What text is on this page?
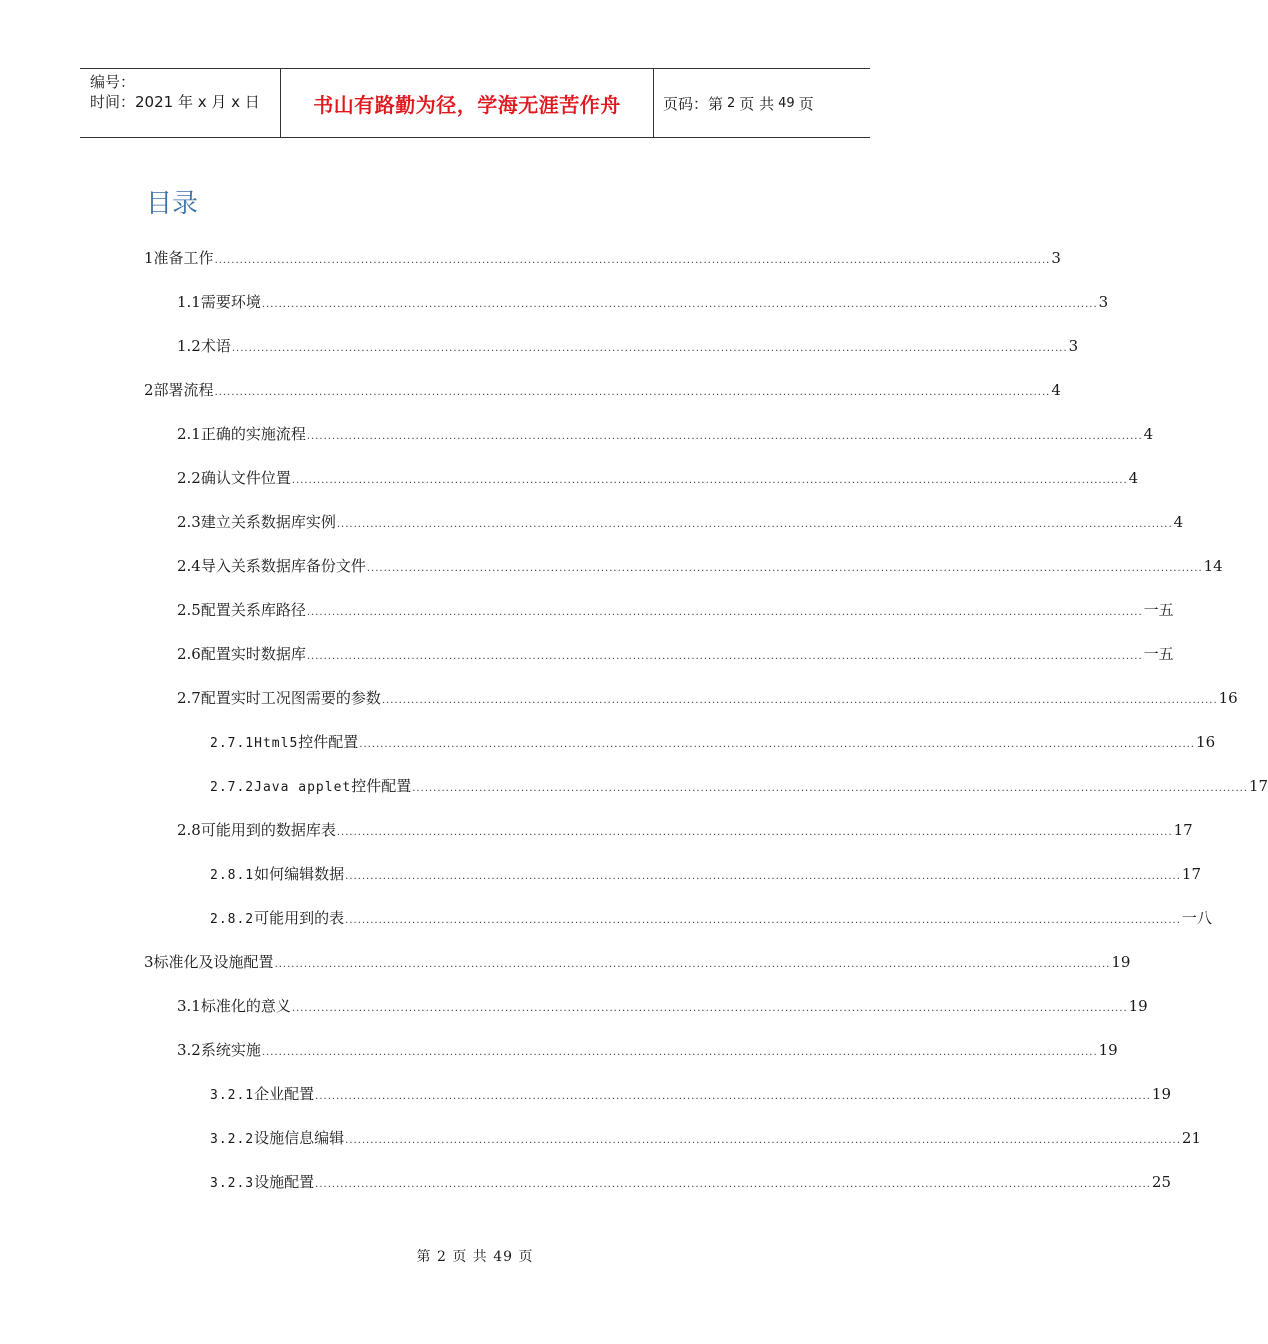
编号：
时间：2021 年 x 月 x 日	书山有路勤为径，学海无涯苦作舟	页码：第 2 页 共 49 页
目录
1 准备工作 ........................................................................................................................................................................................................ 3
1.1 需要环境 ........................................................................................................................................................................................................ 3
1.2 术语 ........................................................................................................................................................................................................ 3
2 部署流程 ........................................................................................................................................................................................................ 4
2.1 正确的实施流程 ........................................................................................................................................................................................................ 4
2.2 确认文件位置 ........................................................................................................................................................................................................ 4
2.3 建立关系数据库实例 ........................................................................................................................................................................................................ 4
2.4 导入关系数据库备份文件 ........................................................................................................................................................................................................ 14
2.5 配置关系库路径 ........................................................................................................................................................................................................ 一五
2.6 配置实时数据库 ........................................................................................................................................................................................................ 一五
2.7 配置实时工况图需要的参数 ........................................................................................................................................................................................................ 16
2.7.1 Html5控件配置 ........................................................................................................................................................................................................ 16
2.7.2 Java applet控件配置 ........................................................................................................................................................................................................ 17
2.8 可能用到的数据库表 ........................................................................................................................................................................................................ 17
2.8.1 如何编辑数据 ........................................................................................................................................................................................................ 17
2.8.2 可能用到的表 ........................................................................................................................................................................................................ 一八
3 标准化及设施配置 ........................................................................................................................................................................................................ 19
3.1 标准化的意义 ........................................................................................................................................................................................................ 19
3.2 系统实施 ........................................................................................................................................................................................................ 19
3.2.1 企业配置 ........................................................................................................................................................................................................ 19
3.2.2 设施信息编辑 ........................................................................................................................................................................................................ 21
3.2.3 设施配置 ........................................................................................................................................................................................................ 25
第 2 页 共 49 页
